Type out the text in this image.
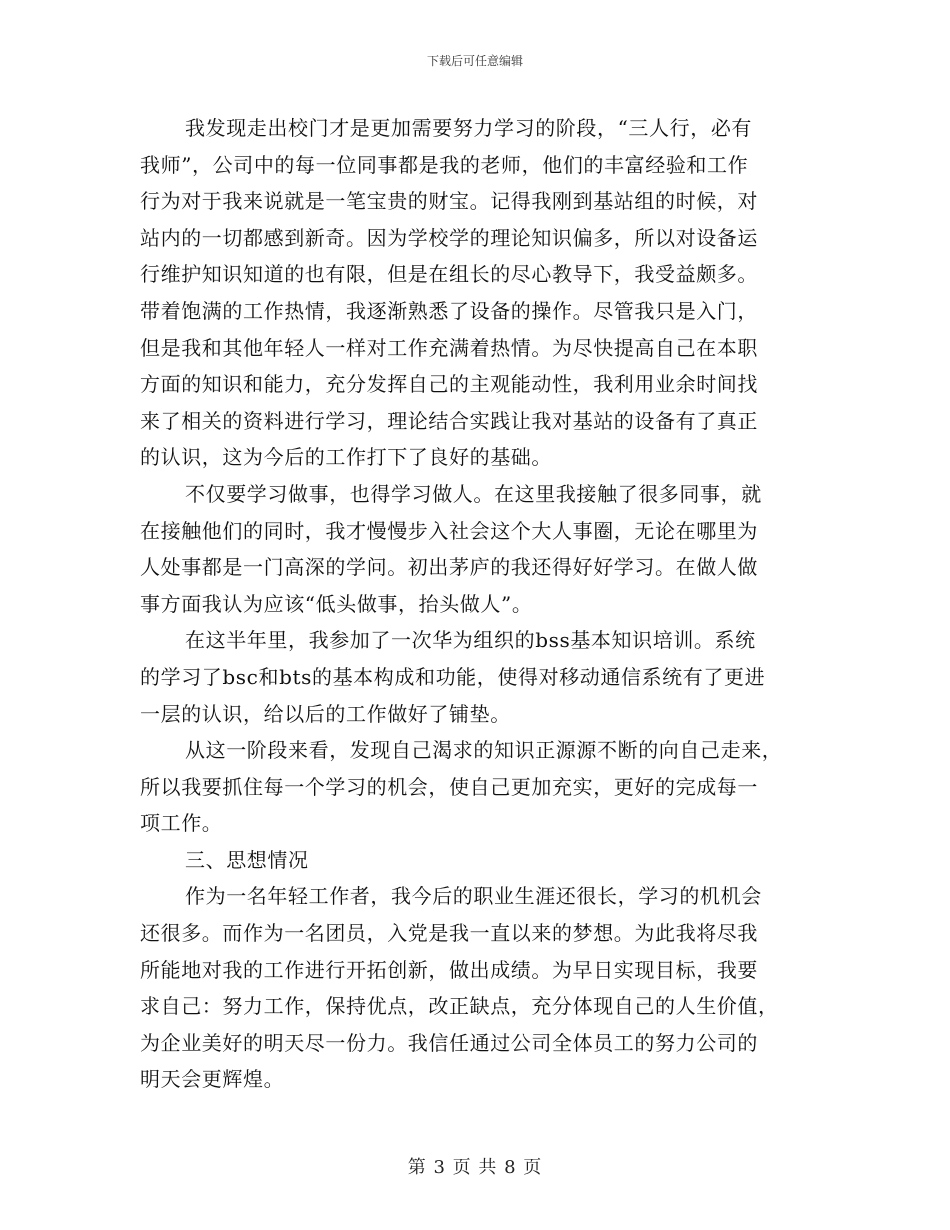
下载后可任意编辑
我发现走出校门才是更加需要努力学习的阶段，“三人行，必有
我师”，公司中的每一位同事都是我的老师，他们的丰富经验和工作
行为对于我来说就是一笔宝贵的财宝。记得我刚到基站组的时候，对
站内的一切都感到新奇。因为学校学的理论知识偏多，所以对设备运
行维护知识知道的也有限，但是在组长的尽心教导下，我受益颇多。
带着饱满的工作热情，我逐渐熟悉了设备的操作。尽管我只是入门，
但是我和其他年轻人一样对工作充满着热情。为尽快提高自己在本职
方面的知识和能力，充分发挥自己的主观能动性，我利用业余时间找
来了相关的资料进行学习，理论结合实践让我对基站的设备有了真正
的认识，这为今后的工作打下了良好的基础。
不仅要学习做事，也得学习做人。在这里我接触了很多同事，就
在接触他们的同时，我才慢慢步入社会这个大人事圈，无论在哪里为
人处事都是一门高深的学问。初出茅庐的我还得好好学习。在做人做
事方面我认为应该“低头做事，抬头做人”。
在这半年里，我参加了一次华为组织的bss基本知识培训。系统
的学习了bsc和bts的基本构成和功能，使得对移动通信系统有了更进
一层的认识，给以后的工作做好了铺垫。
从这一阶段来看，发现自己渴求的知识正源源不断的向自己走来，
所以我要抓住每一个学习的机会，使自己更加充实，更好的完成每一
项工作。
三、思想情况
作为一名年轻工作者，我今后的职业生涯还很长，学习的机机会
还很多。而作为一名团员，入党是我一直以来的梦想。为此我将尽我
所能地对我的工作进行开拓创新，做出成绩。为早日实现目标，我要
求自己：努力工作，保持优点，改正缺点，充分体现自己的人生价值，
为企业美好的明天尽一份力。我信任通过公司全体员工的努力公司的
明天会更辉煌。
第 3 页 共 8 页
